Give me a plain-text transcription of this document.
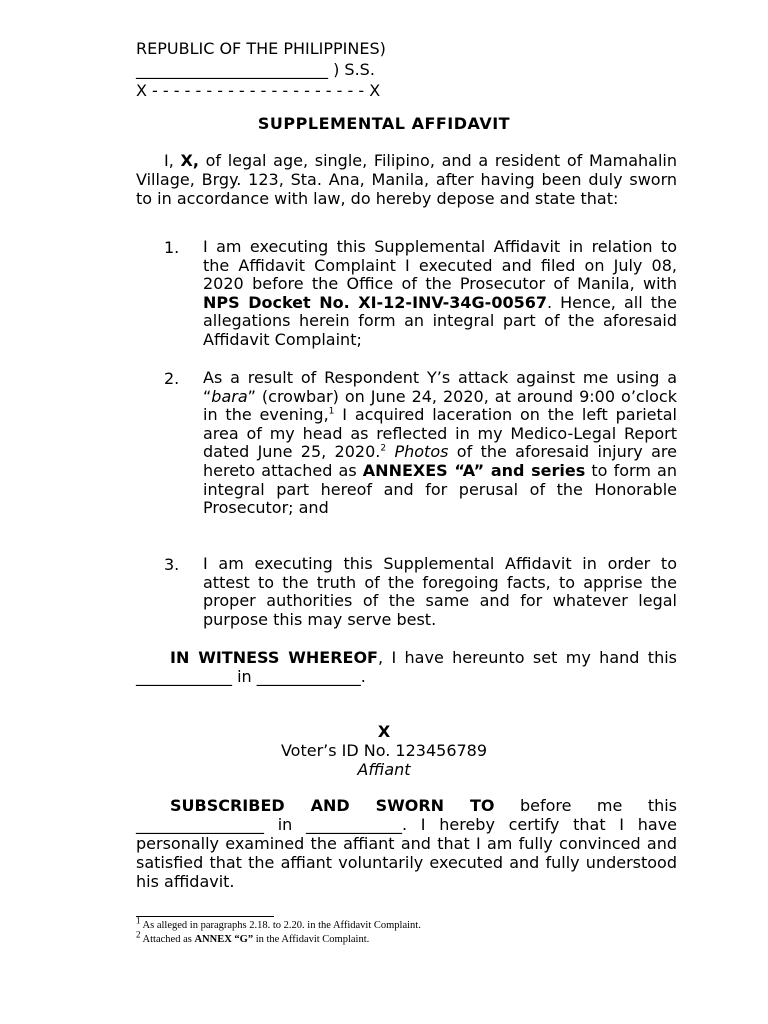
REPUBLIC OF THE PHILIPPINES)
________________________ ) S.S.
X - - - - - - - - - - - - - - - - - - - - X
SUPPLEMENTAL AFFIDAVIT
I, X, of legal age, single, Filipino, and a resident of Mamahalin Village, Brgy. 123, Sta. Ana, Manila, after having been duly sworn to in accordance with law, do hereby depose and state that:
1. I am executing this Supplemental Affidavit in relation to the Affidavit Complaint I executed and filed on July 08, 2020 before the Office of the Prosecutor of Manila, with NPS Docket No. XI-12-INV-34G-00567. Hence, all the allegations herein form an integral part of the aforesaid Affidavit Complaint;
2. As a result of Respondent Y’s attack against me using a “bara” (crowbar) on June 24, 2020, at around 9:00 o’clock in the evening,$^1$ I acquired laceration on the left parietal area of my head as reflected in my Medico-Legal Report dated June 25, 2020.$^2$ Photos of the aforesaid injury are hereto attached as ANNEXES “A” and series to form an integral part hereof and for perusal of the Honorable Prosecutor; and
3. I am executing this Supplemental Affidavit in order to attest to the truth of the foregoing facts, to apprise the proper authorities of the same and for whatever legal purpose this may serve best.
IN WITNESS WHEREOF, I have hereunto set my hand this ____________ in _____________.
X
Voter’s ID No. 123456789
Affiant
SUBSCRIBED AND SWORN TO before me this ________________ in ____________. I hereby certify that I have personally examined the affiant and that I am fully convinced and satisfied that the affiant voluntarily executed and fully understood his affidavit.
$^1$ As alleged in paragraphs 2.18. to 2.20. in the Affidavit Complaint.
$^2$ Attached as ANNEX “G” in the Affidavit Complaint.
